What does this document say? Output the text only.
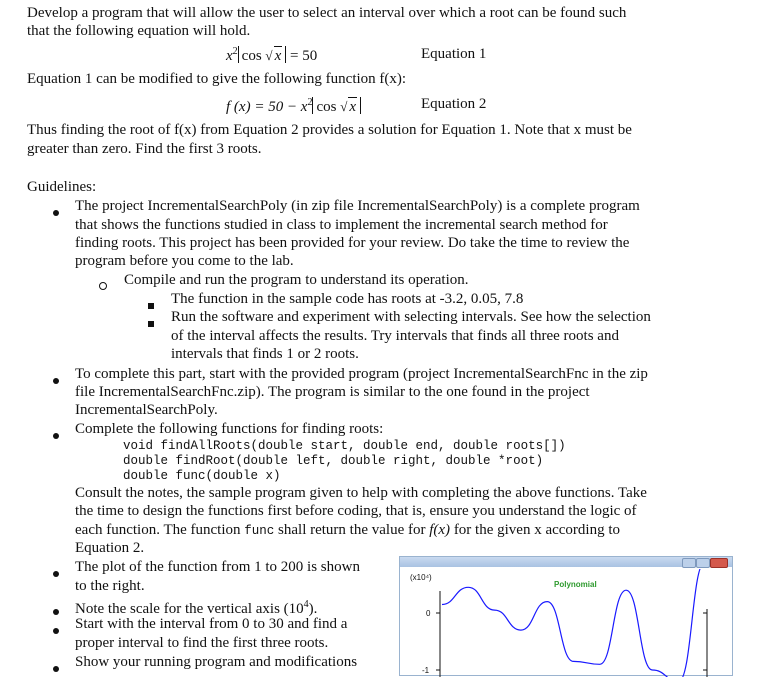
Develop a program that will allow the user to select an interval over which a root can be found such
that the following equation will hold.
$x^2$ cos √ x = 50	Equation 1
Equation 1 can be modified to give the following function f(x):
f $(x) = 50 - x^2$ cos √ x	Equation 2
Thus finding the root of f(x) from Equation 2 provides a solution for Equation 1. Note that x must be
greater than zero. Find the first 3 roots.
Guidelines:
The project IncrementalSearchPoly (in zip file IncrementalSearchPoly) is a complete program
that shows the functions studied in class to implement the incremental search method for
finding roots. This project has been provided for your review. Do take the time to review the
program before you come to the lab.
Compile and run the program to understand its operation.
The function in the sample code has roots at -3.2, 0.05, 7.8
Run the software and experiment with selecting intervals. See how the selection
of the interval affects the results. Try intervals that finds all three roots and
intervals that finds 1 or 2 roots.
To complete this part, start with the provided program (project IncrementalSearchFnc in the zip
file IncrementalSearchFnc.zip). The program is similar to the one found in the project
IncrementalSearchPoly.
Complete the following functions for finding roots:
void findAllRoots(double start, double end, double roots[])
double findRoot(double left, double right, double *root)
double func(double x)
Consult the notes, the sample program given to help with completing the above functions. Take
the time to design the functions first before coding, that is, ensure you understand the logic of
each function. The function func shall return the value for f(x) for the given x according to
Equation 2.
The plot of the function from 1 to 200 is shown
to the right.
Note the scale for the vertical axis $(10^4)$.
Start with the interval from 0 to 30 and find a
proper interval to find the first three roots.
Show your running program and modifications
(x10⁴)
Polynomial
0
-1
